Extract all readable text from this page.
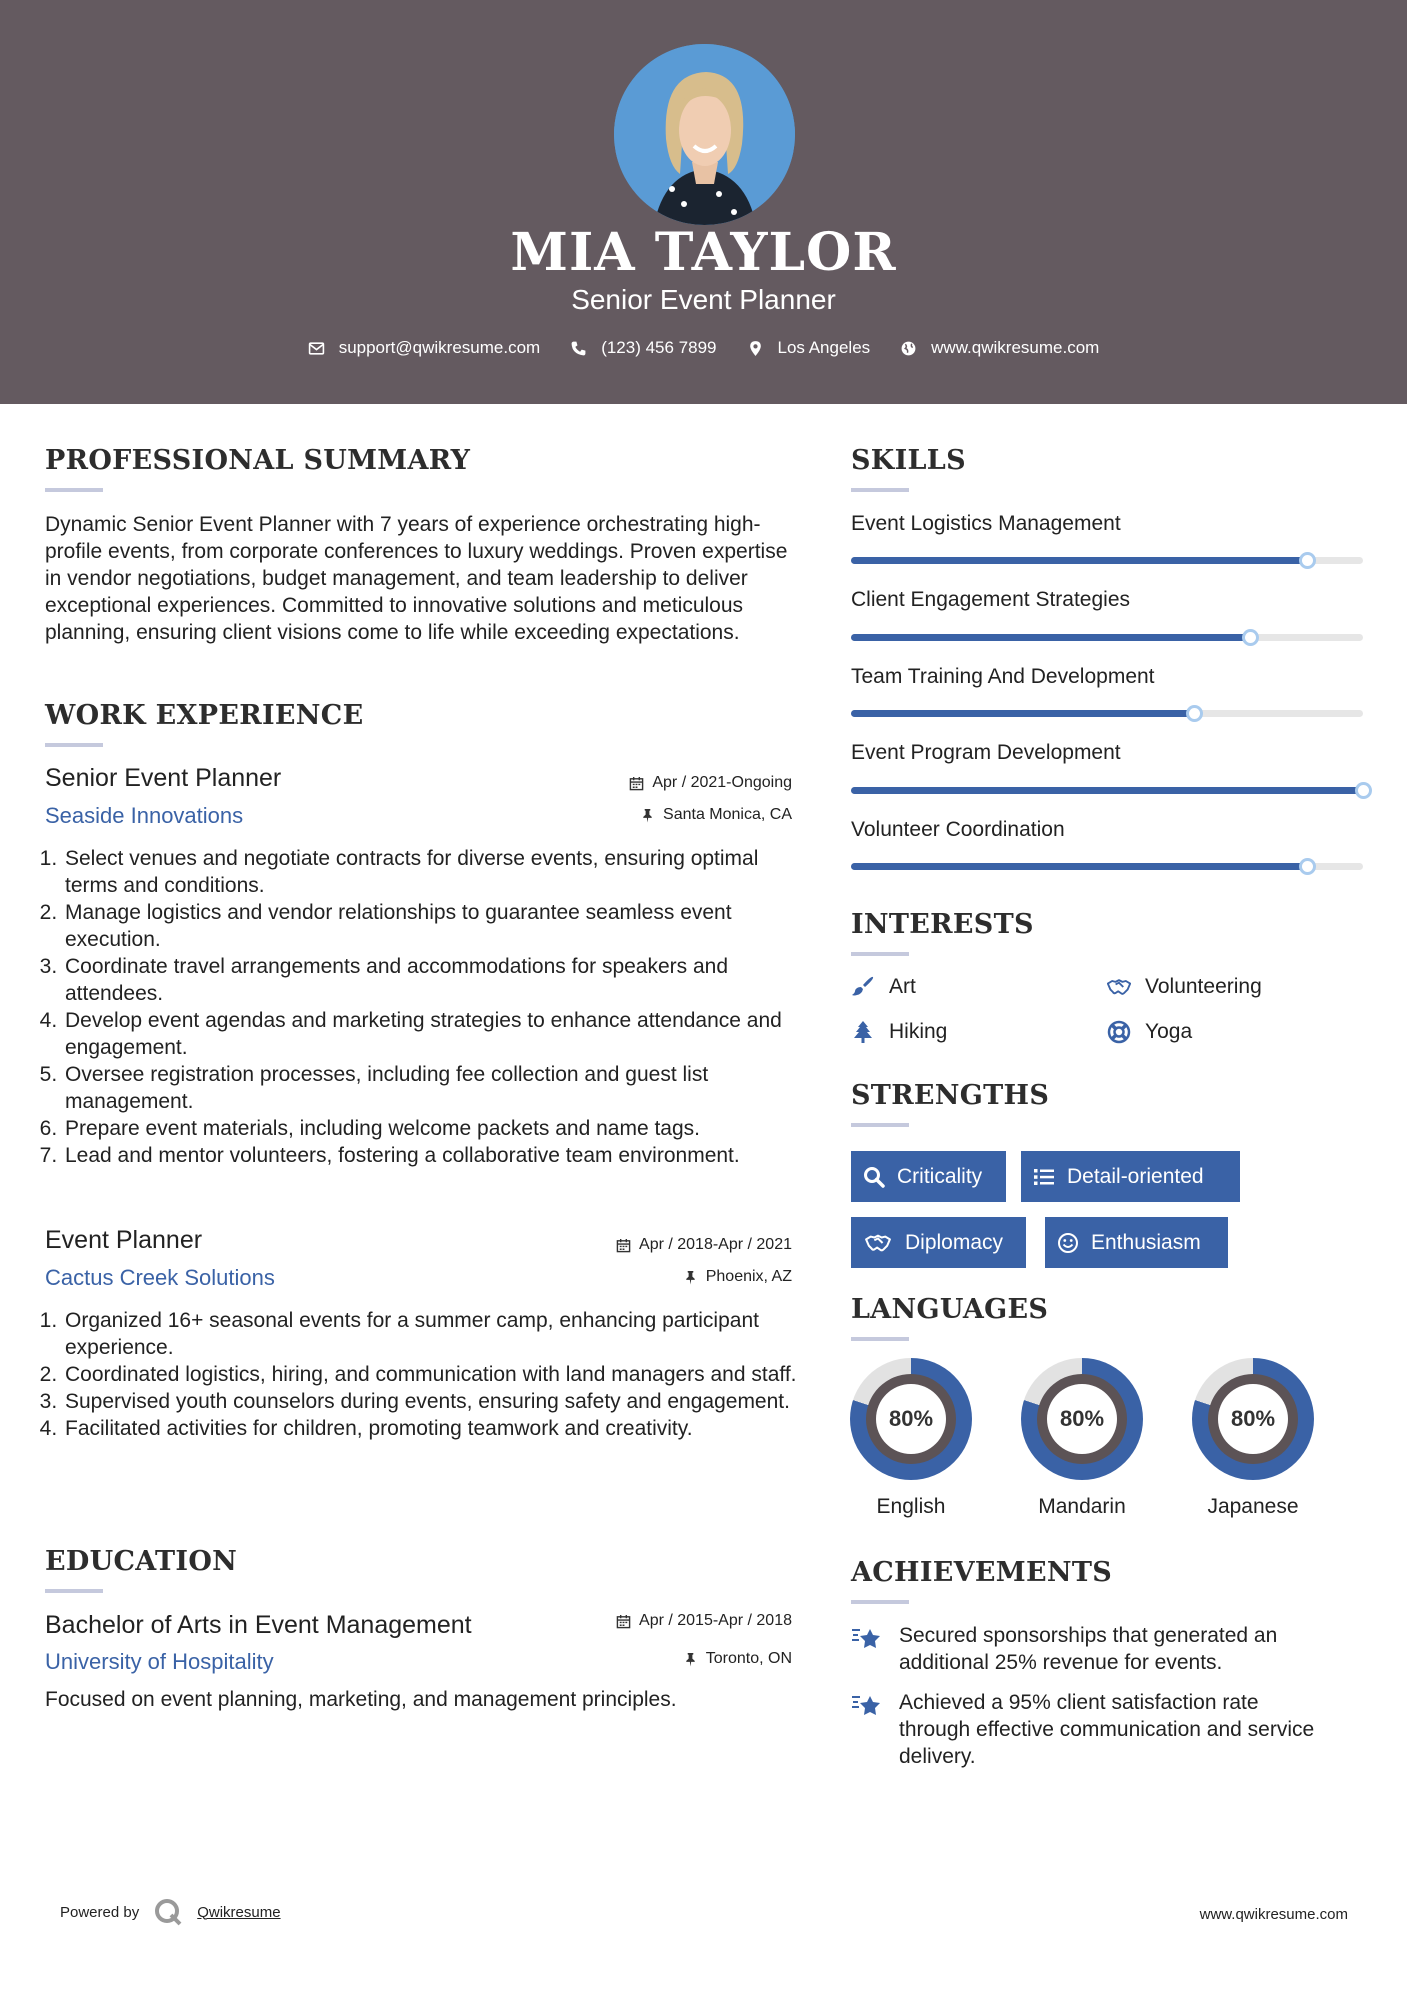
MIA TAYLOR
Senior Event Planner
support@qwikresume.com	(123) 456 7899	Los Angeles	www.qwikresume.com
PROFESSIONAL SUMMARY
Dynamic Senior Event Planner with 7 years of experience orchestrating high-profile events, from corporate conferences to luxury weddings. Proven expertise in vendor negotiations, budget management, and team leadership to deliver exceptional experiences. Committed to innovative solutions and meticulous planning, ensuring client visions come to life while exceeding expectations.
WORK EXPERIENCE
Senior Event Planner
Seaside Innovations
Apr / 2021-Ongoing
Santa Monica, CA
1. Select venues and negotiate contracts for diverse events, ensuring optimal terms and conditions.
2. Manage logistics and vendor relationships to guarantee seamless event execution.
3. Coordinate travel arrangements and accommodations for speakers and attendees.
4. Develop event agendas and marketing strategies to enhance attendance and engagement.
5. Oversee registration processes, including fee collection and guest list management.
6. Prepare event materials, including welcome packets and name tags.
7. Lead and mentor volunteers, fostering a collaborative team environment.
Event Planner
Cactus Creek Solutions
Apr / 2018-Apr / 2021
Phoenix, AZ
1. Organized 16+ seasonal events for a summer camp, enhancing participant experience.
2. Coordinated logistics, hiring, and communication with land managers and staff.
3. Supervised youth counselors during events, ensuring safety and engagement.
4. Facilitated activities for children, promoting teamwork and creativity.
EDUCATION
Bachelor of Arts in Event Management
University of Hospitality
Apr / 2015-Apr / 2018
Toronto, ON
Focused on event planning, marketing, and management principles.
SKILLS
Event Logistics Management
Client Engagement Strategies
Team Training And Development
Event Program Development
Volunteer Coordination
INTERESTS
Art	Volunteering
Hiking	Yoga
STRENGTHS
Criticality	Detail-oriented
Diplomacy	Enthusiasm
LANGUAGES
80%
English
80%
Mandarin
80%
Japanese
ACHIEVEMENTS
Secured sponsorships that generated an additional 25% revenue for events.
Achieved a 95% client satisfaction rate through effective communication and service delivery.
Powered by	Qwikresume	www.qwikresume.com
